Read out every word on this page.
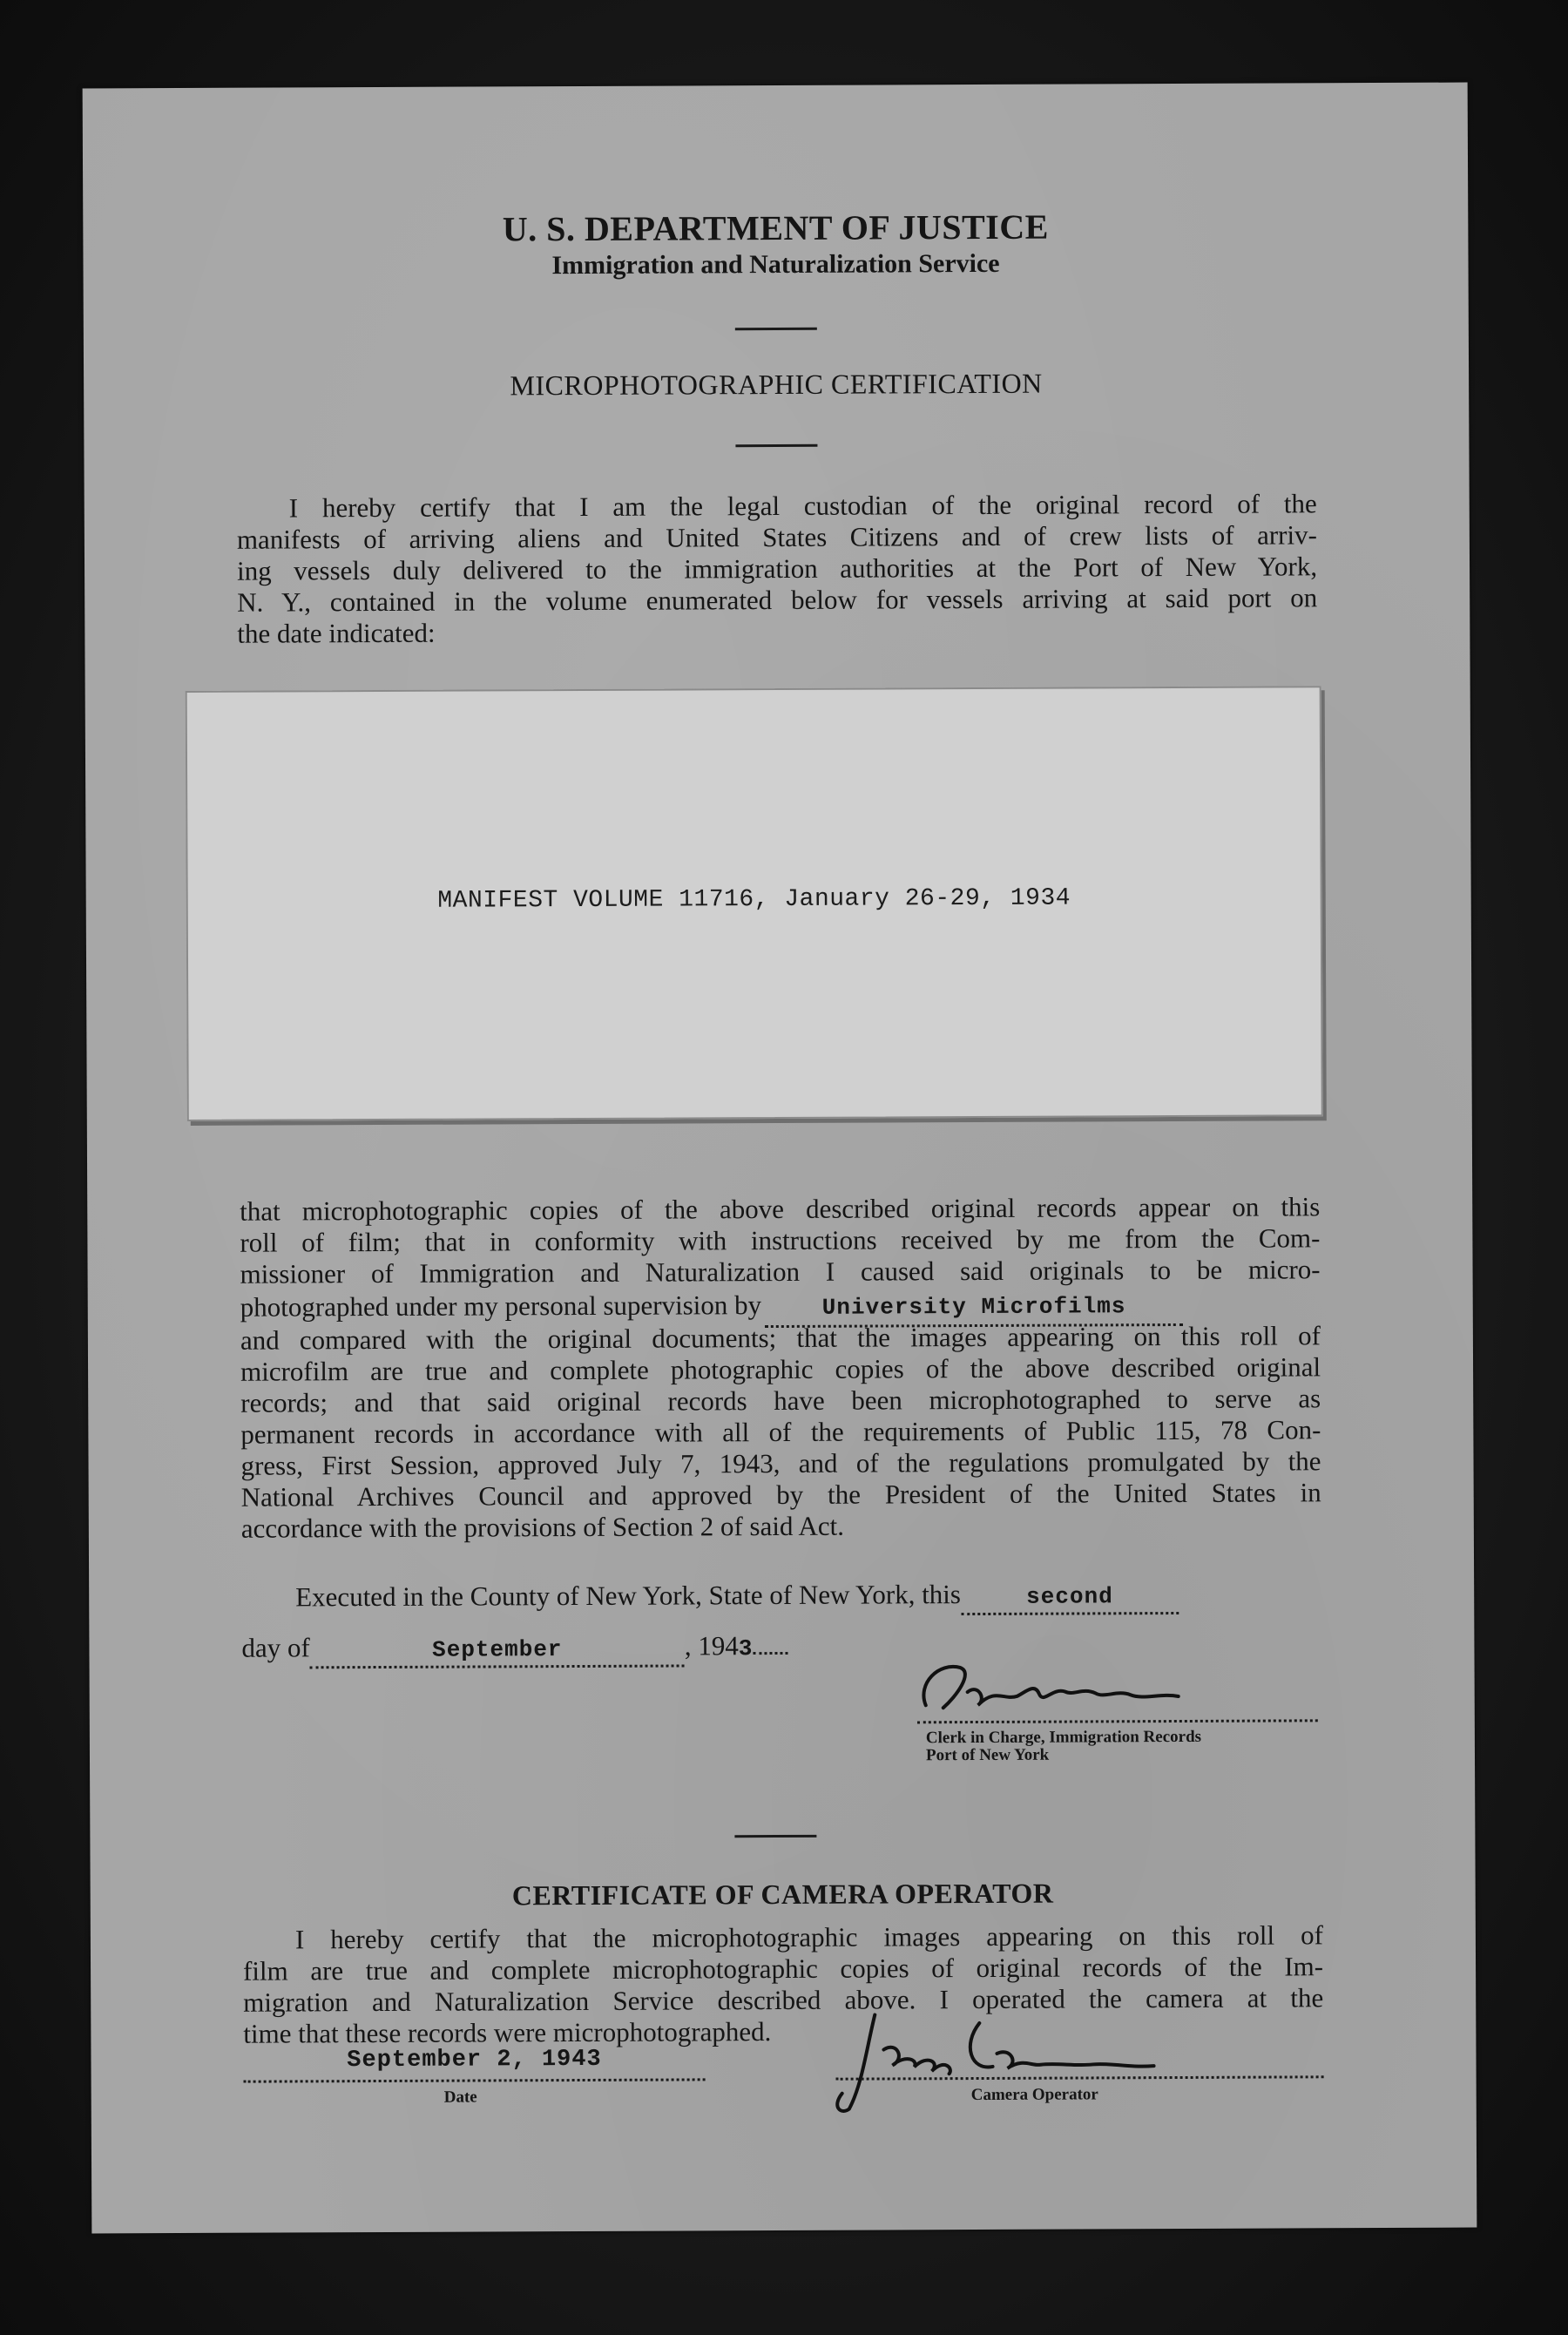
U. S. DEPARTMENT OF JUSTICE
Immigration and Naturalization Service
MICROPHOTOGRAPHIC CERTIFICATION
I hereby certify that I am the legal custodian of the original record of the
manifests of arriving aliens and United States Citizens and of crew lists of arriv-
ing vessels duly delivered to the immigration authorities at the Port of New York,
N. Y., contained in the volume enumerated below for vessels arriving at said port on
the date indicated:
MANIFEST VOLUME 11716, January 26-29, 1934
that microphotographic copies of the above described original records appear on this
roll of film; that in conformity with instructions received by me from the Com-
missioner of Immigration and Naturalization I caused said originals to be micro-
photographed under my personal supervision by	University Microfilms
and compared with the original documents; that the images appearing on this roll of
microfilm are true and complete photographic copies of the above described original
records; and that said original records have been microphotographed to serve as
permanent records in accordance with all of the requirements of Public 115, 78 Con-
gress, First Session, approved July 7, 1943, and of the regulations promulgated by the
National Archives Council and approved by the President of the United States in
accordance with the provisions of Section 2 of said Act.
Executed in the County of New York, State of New York, this	second
day of	September	, 1943
Clerk in Charge, Immigration Records
Port of New York
CERTIFICATE OF CAMERA OPERATOR
I hereby certify that the microphotographic images appearing on this roll of
film are true and complete microphotographic copies of original records of the Im-
migration and Naturalization Service described above. I operated the camera at the
time that these records were microphotographed.
September 2, 1943
Date	Camera Operator
